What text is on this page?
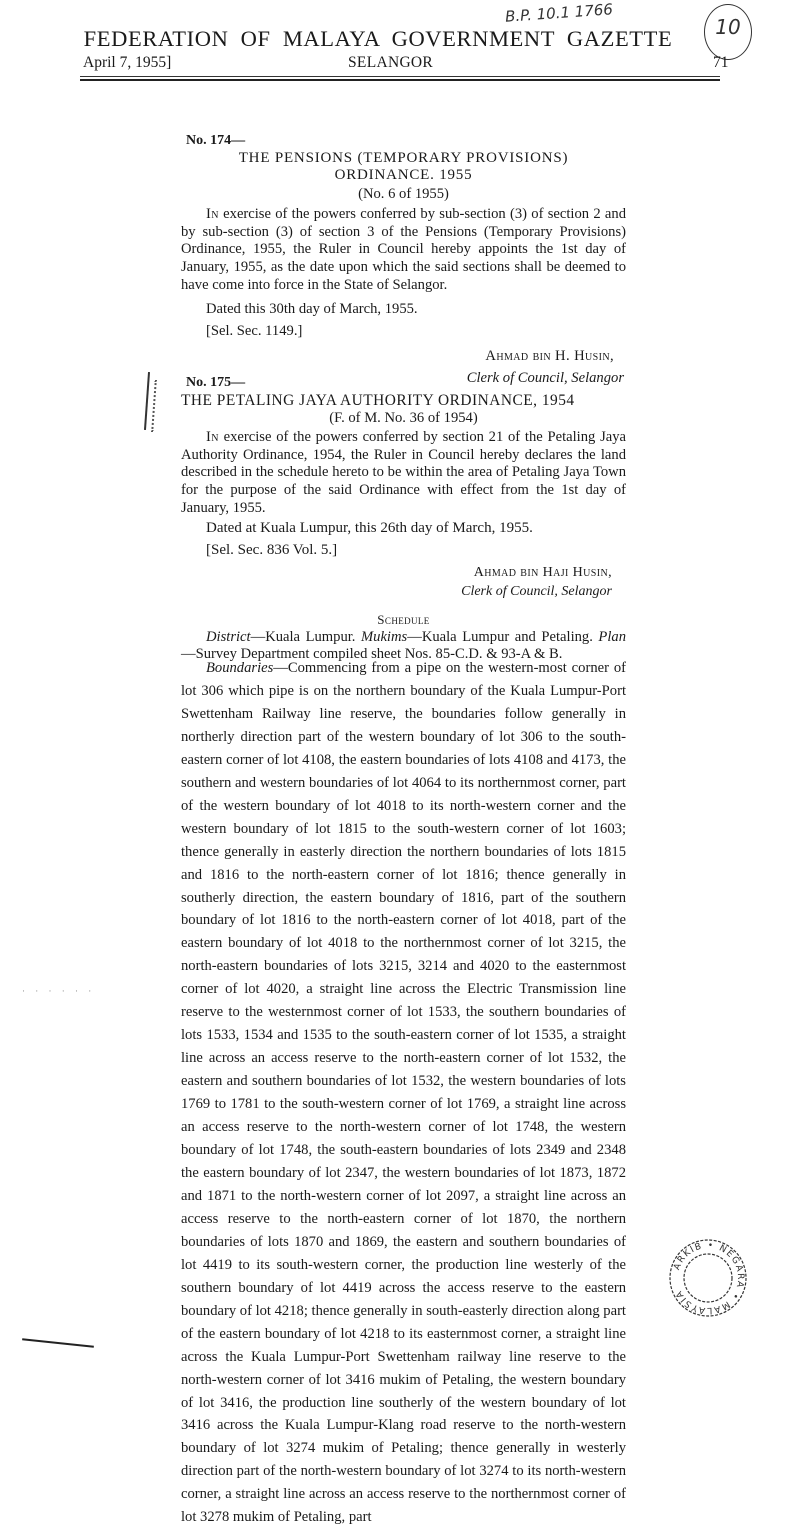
B.P. 10.1 1766
10
FEDERATION OF MALAYA GOVERNMENT GAZETTE
April 7, 1955]	SELANGOR	71
No. 174—
THE PENSIONS (TEMPORARY PROVISIONS)
ORDINANCE. 1955
(No. 6 of 1955)

In exercise of the powers conferred by sub-section (3) of section 2 and by sub-section (3) of section 3 of the Pensions (Temporary Provisions) Ordinance, 1955, the Ruler in Council hereby appoints the 1st day of January, 1955, as the date upon which the said sections shall be deemed to have come into force in the State of Selangor.

Dated this 30th day of March, 1955.
[Sel. Sec. 1149.]
Ahmad bin H. Husin,
Clerk of Council, Selangor
No. 175—
THE PETALING JAYA AUTHORITY ORDINANCE, 1954
(F. of M. No. 36 of 1954)

In exercise of the powers conferred by section 21 of the Petaling Jaya Authority Ordinance, 1954, the Ruler in Council hereby declares the land described in the schedule hereto to be within the area of Petaling Jaya Town for the purpose of the said Ordinance with effect from the 1st day of January, 1955.

Dated at Kuala Lumpur, this 26th day of March, 1955.
[Sel. Sec. 836 Vol. 5.]
Ahmad bin Haji Husin,
Clerk of Council, Selangor
Schedule

District—Kuala Lumpur. Mukims—Kuala Lumpur and Petaling. Plan—Survey Department compiled sheet Nos. 85-C.D. & 93-A & B.

Boundaries—Commencing from a pipe on the western-most corner of lot 306 which pipe is on the northern boundary of the Kuala Lumpur-Port Swettenham Railway line reserve, the boundaries follow generally in northerly direction part of the western boundary of lot 306 to the south-eastern corner of lot 4108, the eastern boundaries of lots 4108 and 4173, the southern and western boundaries of lot 4064 to its northernmost corner, part of the western boundary of lot 4018 to its north-western corner and the western boundary of lot 1815 to the south-western corner of lot 1603; thence generally in easterly direction the northern boundaries of lots 1815 and 1816 to the north-eastern corner of lot 1816; thence generally in southerly direction, the eastern boundary of 1816, part of the southern boundary of lot 1816 to the north-eastern corner of lot 4018, part of the eastern boundary of lot 4018 to the northernmost corner of lot 3215, the north-eastern boundaries of lots 3215, 3214 and 4020 to the easternmost corner of lot 4020, a straight line across the Electric Transmission line reserve to the westernmost corner of lot 1533, the southern boundaries of lots 1533, 1534 and 1535 to the south-eastern corner of lot 1535, a straight line across an access reserve to the north-eastern corner of lot 1532, the eastern and southern boundaries of lot 1532, the western boundaries of lots 1769 to 1781 to the south-western corner of lot 1769, a straight line across an access reserve to the north-western corner of lot 1748, the western boundary of lot 1748, the south-eastern boundaries of lots 2349 and 2348 the eastern boundary of lot 2347, the western boundaries of lot 1873, 1872 and 1871 to the north-western corner of lot 2097, a straight line across an access reserve to the north-eastern corner of lot 1870, the northern boundaries of lots 1870 and 1869, the eastern and southern boundaries of lot 4419 to its south-western corner, the production line westerly of the southern boundary of lot 4419 across the access reserve to the eastern boundary of lot 4218; thence generally in south-easterly direction along part of the eastern boundary of lot 4218 to its easternmost corner, a straight line across the Kuala Lumpur-Port Swettenham railway line reserve to the north-western corner of lot 3416 mukim of Petaling, the western boundary of lot 3416, the production line southerly of the western boundary of lot 3416 across the Kuala Lumpur-Klang road reserve to the north-western boundary of lot 3274 mukim of Petaling; thence generally in westerly direction part of the north-western boundary of lot 3274 to its north-western corner, a straight line across an access reserve to the northernmost corner of lot 3278 mukim of Petaling, part

· · · · · ·
ARKIB • NEGARA • MALAYSIA
